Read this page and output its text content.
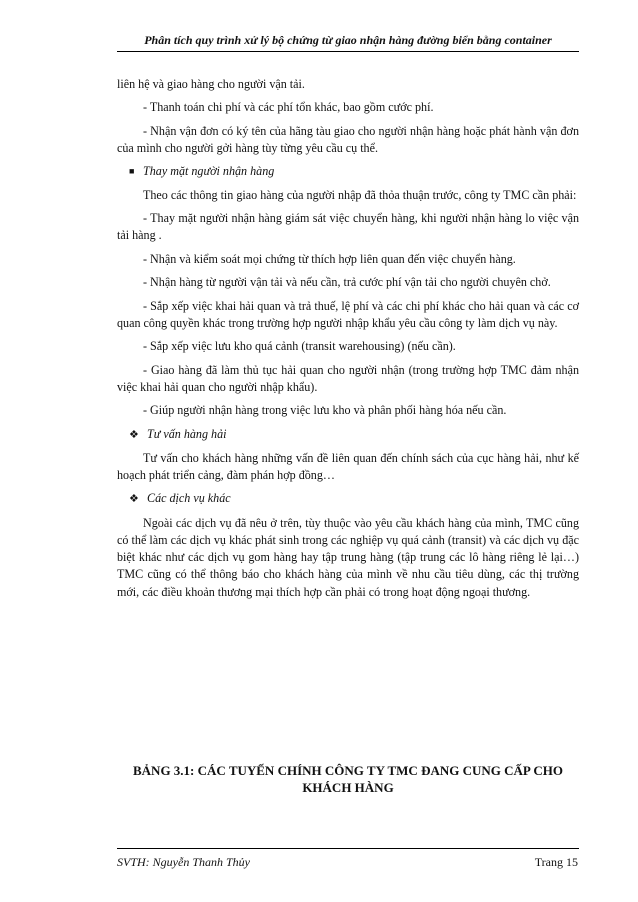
Phân tích quy trình xử lý bộ chứng từ giao nhận hàng đường biển bằng container

liên hệ và giao hàng cho người vận tải.

- Thanh toán chi phí và các phí tổn khác, bao gồm cước phí.

- Nhận vận đơn có ký tên của hãng tàu giao cho người nhận hàng hoặc phát hành vận đơn của mình cho người gởi hàng tùy từng yêu cầu cụ thể.

■ Thay mặt người nhận hàng

Theo các thông tin giao hàng của người nhập đã thỏa thuận trước, công ty TMC cần phải:

- Thay mặt người nhận hàng giám sát việc chuyển hàng, khi người nhận hàng lo việc vận tải hàng .

- Nhận và kiểm soát mọi chứng từ thích hợp liên quan đến việc chuyển hàng.

- Nhận hàng từ người vận tải và nếu cần, trả cước phí vận tải cho người chuyên chở.

- Sắp xếp việc khai hải quan và trả thuế, lệ phí và các chi phí khác cho hải quan và các cơ quan công quyền khác trong trường hợp người nhập khẩu yêu cầu công ty làm dịch vụ này.

- Sắp xếp việc lưu kho quá cảnh (transit warehousing) (nếu cần).

- Giao hàng đã làm thủ tục hải quan cho người nhận (trong trường hợp TMC đảm nhận việc khai hải quan cho người nhập khẩu).

- Giúp người nhận hàng trong việc lưu kho và phân phối hàng hóa nếu cần.

❖ Tư vấn hàng hải

Tư vấn cho khách hàng những vấn đề liên quan đến chính sách của cục hàng hải, như kế hoạch phát triển cảng, đàm phán hợp đồng…

❖ Các dịch vụ khác

Ngoài các dịch vụ đã nêu ở trên, tùy thuộc vào yêu cầu khách hàng của mình, TMC cũng có thể làm các dịch vụ khác phát sinh trong các nghiệp vụ quá cảnh (transit) và các dịch vụ đặc biệt khác như các dịch vụ gom hàng hay tập trung hàng (tập trung các lô hàng riêng lẻ lại…) TMC cũng có thể thông báo cho khách hàng của mình về nhu cầu tiêu dùng, các thị trường mới, các điều khoản thương mại thích hợp cần phải có trong hoạt động ngoại thương.

BẢNG 3.1: CÁC TUYẾN CHÍNH CÔNG TY TMC ĐANG CUNG CẤP CHO
KHÁCH HÀNG
SVTH: Nguyễn Thanh Thủy	Trang 15
